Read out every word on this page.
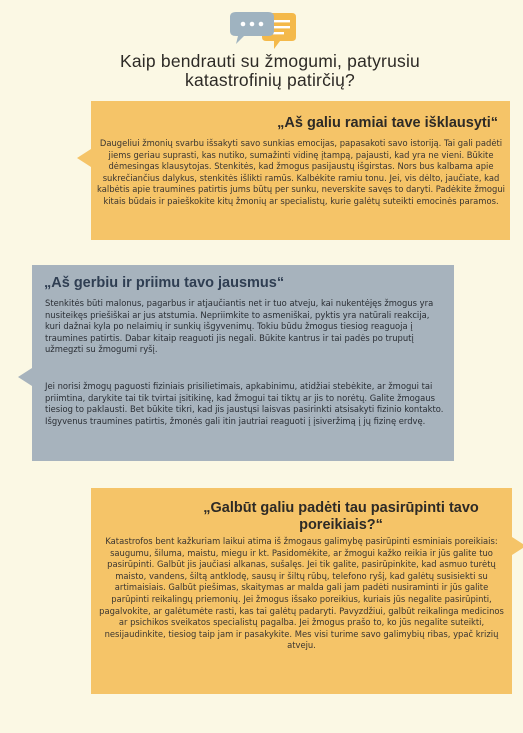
Kaip bendrauti su žmogumi, patyrusiu katastrofinių patirčių?
„Aš galiu ramiai tave išklausyti“
Daugeliui žmonių svarbu išsakyti savo sunkias emocijas, papasakoti savo istoriją. Tai gali padėti jiems geriau suprasti, kas nutiko, sumažinti vidinę įtampą, pajausti, kad yra ne vieni. Būkite dėmesingas klausytojas. Stenkitės, kad žmogus pasijaustų išgirstas. Nors bus kalbama apie sukrečiančius dalykus, stenkitės išlikti ramūs. Kalbėkite ramiu tonu. Jei, vis dėlto, jaučiate, kad kalbėtis apie traumines patirtis jums būtų per sunku, neverskite savęs to daryti. Padėkite žmogui kitais būdais ir paieškokite kitų žmonių ar specialistų, kurie galėtų suteikti emocinės paramos.
„Aš gerbiu ir priimu tavo jausmus“
Stenkitės būti malonus, pagarbus ir atjaučiantis net ir tuo atveju, kai nukentėjęs žmogus yra nusiteikęs priešiškai ar jus atstumia. Nepriimkite to asmeniškai, pyktis yra natūrali reakcija, kuri dažnai kyla po nelaimių ir sunkių išgyvenimų. Tokiu būdu žmogus tiesiog reaguoja į traumines patirtis. Dabar kitaip reaguoti jis negali. Būkite kantrus ir tai padės po truputį užmegzti su žmogumi ryšį.
Jei norisi žmogų paguosti fiziniais prisilietimais, apkabinimu, atidžiai stebėkite, ar žmogui tai priimtina, darykite tai tik tvirtai įsitikinę, kad žmogui tai tiktų ar jis to norėtų. Galite žmogaus tiesiog to paklausti. Bet būkite tikri, kad jis jaustųsi laisvas pasirinkti atsisakyti fizinio kontakto. Išgyvenus traumines patirtis, žmonės gali itin jautriai reaguoti į įsiveržimą į jų fizinę erdvę.
„Galbūt galiu padėti tau pasirūpinti tavo poreikiais?“
Katastrofos bent kažkuriam laikui atima iš žmogaus galimybę pasirūpinti esminiais poreikiais: saugumu, šiluma, maistu, miegu ir kt. Pasidomėkite, ar žmogui kažko reikia ir jūs galite tuo pasirūpinti. Galbūt jis jaučiasi alkanas, sušalęs. Jei tik galite, pasirūpinkite, kad asmuo turėtų maisto, vandens, šiltą antklodę, sausų ir šiltų rūbų, telefono ryšį, kad galėtų susisiekti su artimaisiais. Galbūt piešimas, skaitymas ar malda gali jam padėti nusiraminti ir jūs galite parūpinti reikalingų priemonių. Jei žmogus išsako poreikius, kuriais jūs negalite pasirūpinti, pagalvokite, ar galėtumėte rasti, kas tai galėtų padaryti. Pavyzdžiui, galbūt reikalinga medicinos ar psichikos sveikatos specialistų pagalba. Jei žmogus prašo to, ko jūs negalite suteikti, nesijaudinkite, tiesiog taip jam ir pasakykite. Mes visi turime savo galimybių ribas, ypač krizių atveju.
